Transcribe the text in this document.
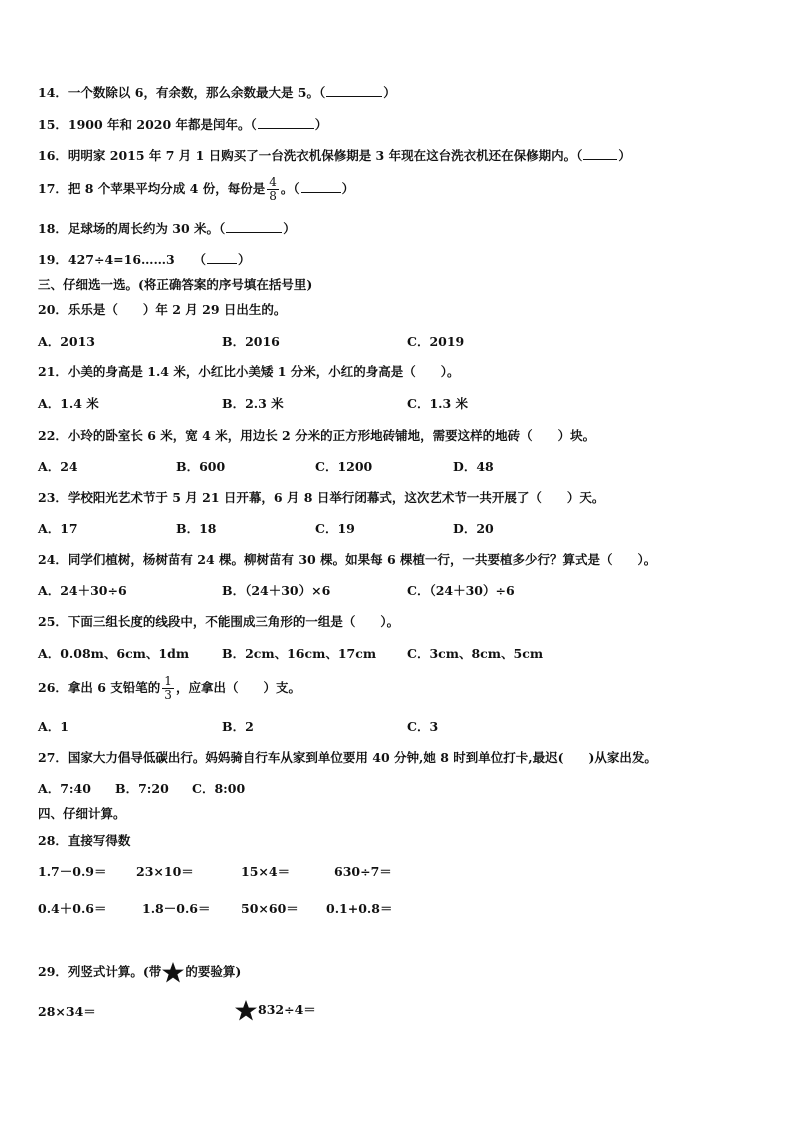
14．一个数除以 6，有余数，那么余数最大是 5。（	）
15．1900 年和 2020 年都是闰年。（	）
16．明明家 2015 年 7 月 1 日购买了一台洗衣机保修期是 3 年现在这台洗衣机还在保修期内。（	）
17．把 8 个苹果平均分成 4 份，每份是 $\frac{4}{8}$ 。（	）
18．足球场的周长约为 30 米。（	）
19．427÷4=16……3　　（	）
三、仔细选一选。(将正确答案的序号填在括号里)
20．乐乐是（　　）年 2 月 29 日出生的。
A．2013	B．2016	C．2019
21．小美的身高是 1.4 米，小红比小美矮 1 分米，小红的身高是（　　）。
A．1.4 米	B．2.3 米	C．1.3 米
22．小玲的卧室长 6 米，宽 4 米，用边长 2 分米的正方形地砖铺地，需要这样的地砖（　　）块。
A．24	B．600	C．1200	D．48
23．学校阳光艺术节于 5 月 21 日开幕，6 月 8 日举行闭幕式，这次艺术节一共开展了（　　）天。
A．17	B．18	C．19	D．20
24．同学们植树，杨树苗有 24 棵。柳树苗有 30 棵。如果每 6 棵植一行，一共要植多少行？算式是（　　）。
A．24＋30÷6	B．（24＋30）×6	C．（24＋30）÷6
25．下面三组长度的线段中，不能围成三角形的一组是（　　）。
A．0.08m、6cm、1dm	B．2cm、16cm、17cm C．3cm、8cm、5cm
26．拿出 6 支铅笔的 $\frac{1}{3}$ ，应拿出（　　）支。
A．1	B．2	C．3
27．国家大力倡导低碳出行。妈妈骑自行车从家到单位要用 40 分钟,她 8 时到单位打卡,最迟(　　)从家出发。
A．7:40 B．7:20 C．8:00
四、仔细计算。
28．直接写得数
1.7－0.9＝ 23×10＝	15×4＝	630÷7＝
0.4＋0.6＝	1.8－0.6＝ 50×60＝ 0.1+0.8＝
29．列竖式计算。(带 的要验算)
28×34＝	832÷4＝
